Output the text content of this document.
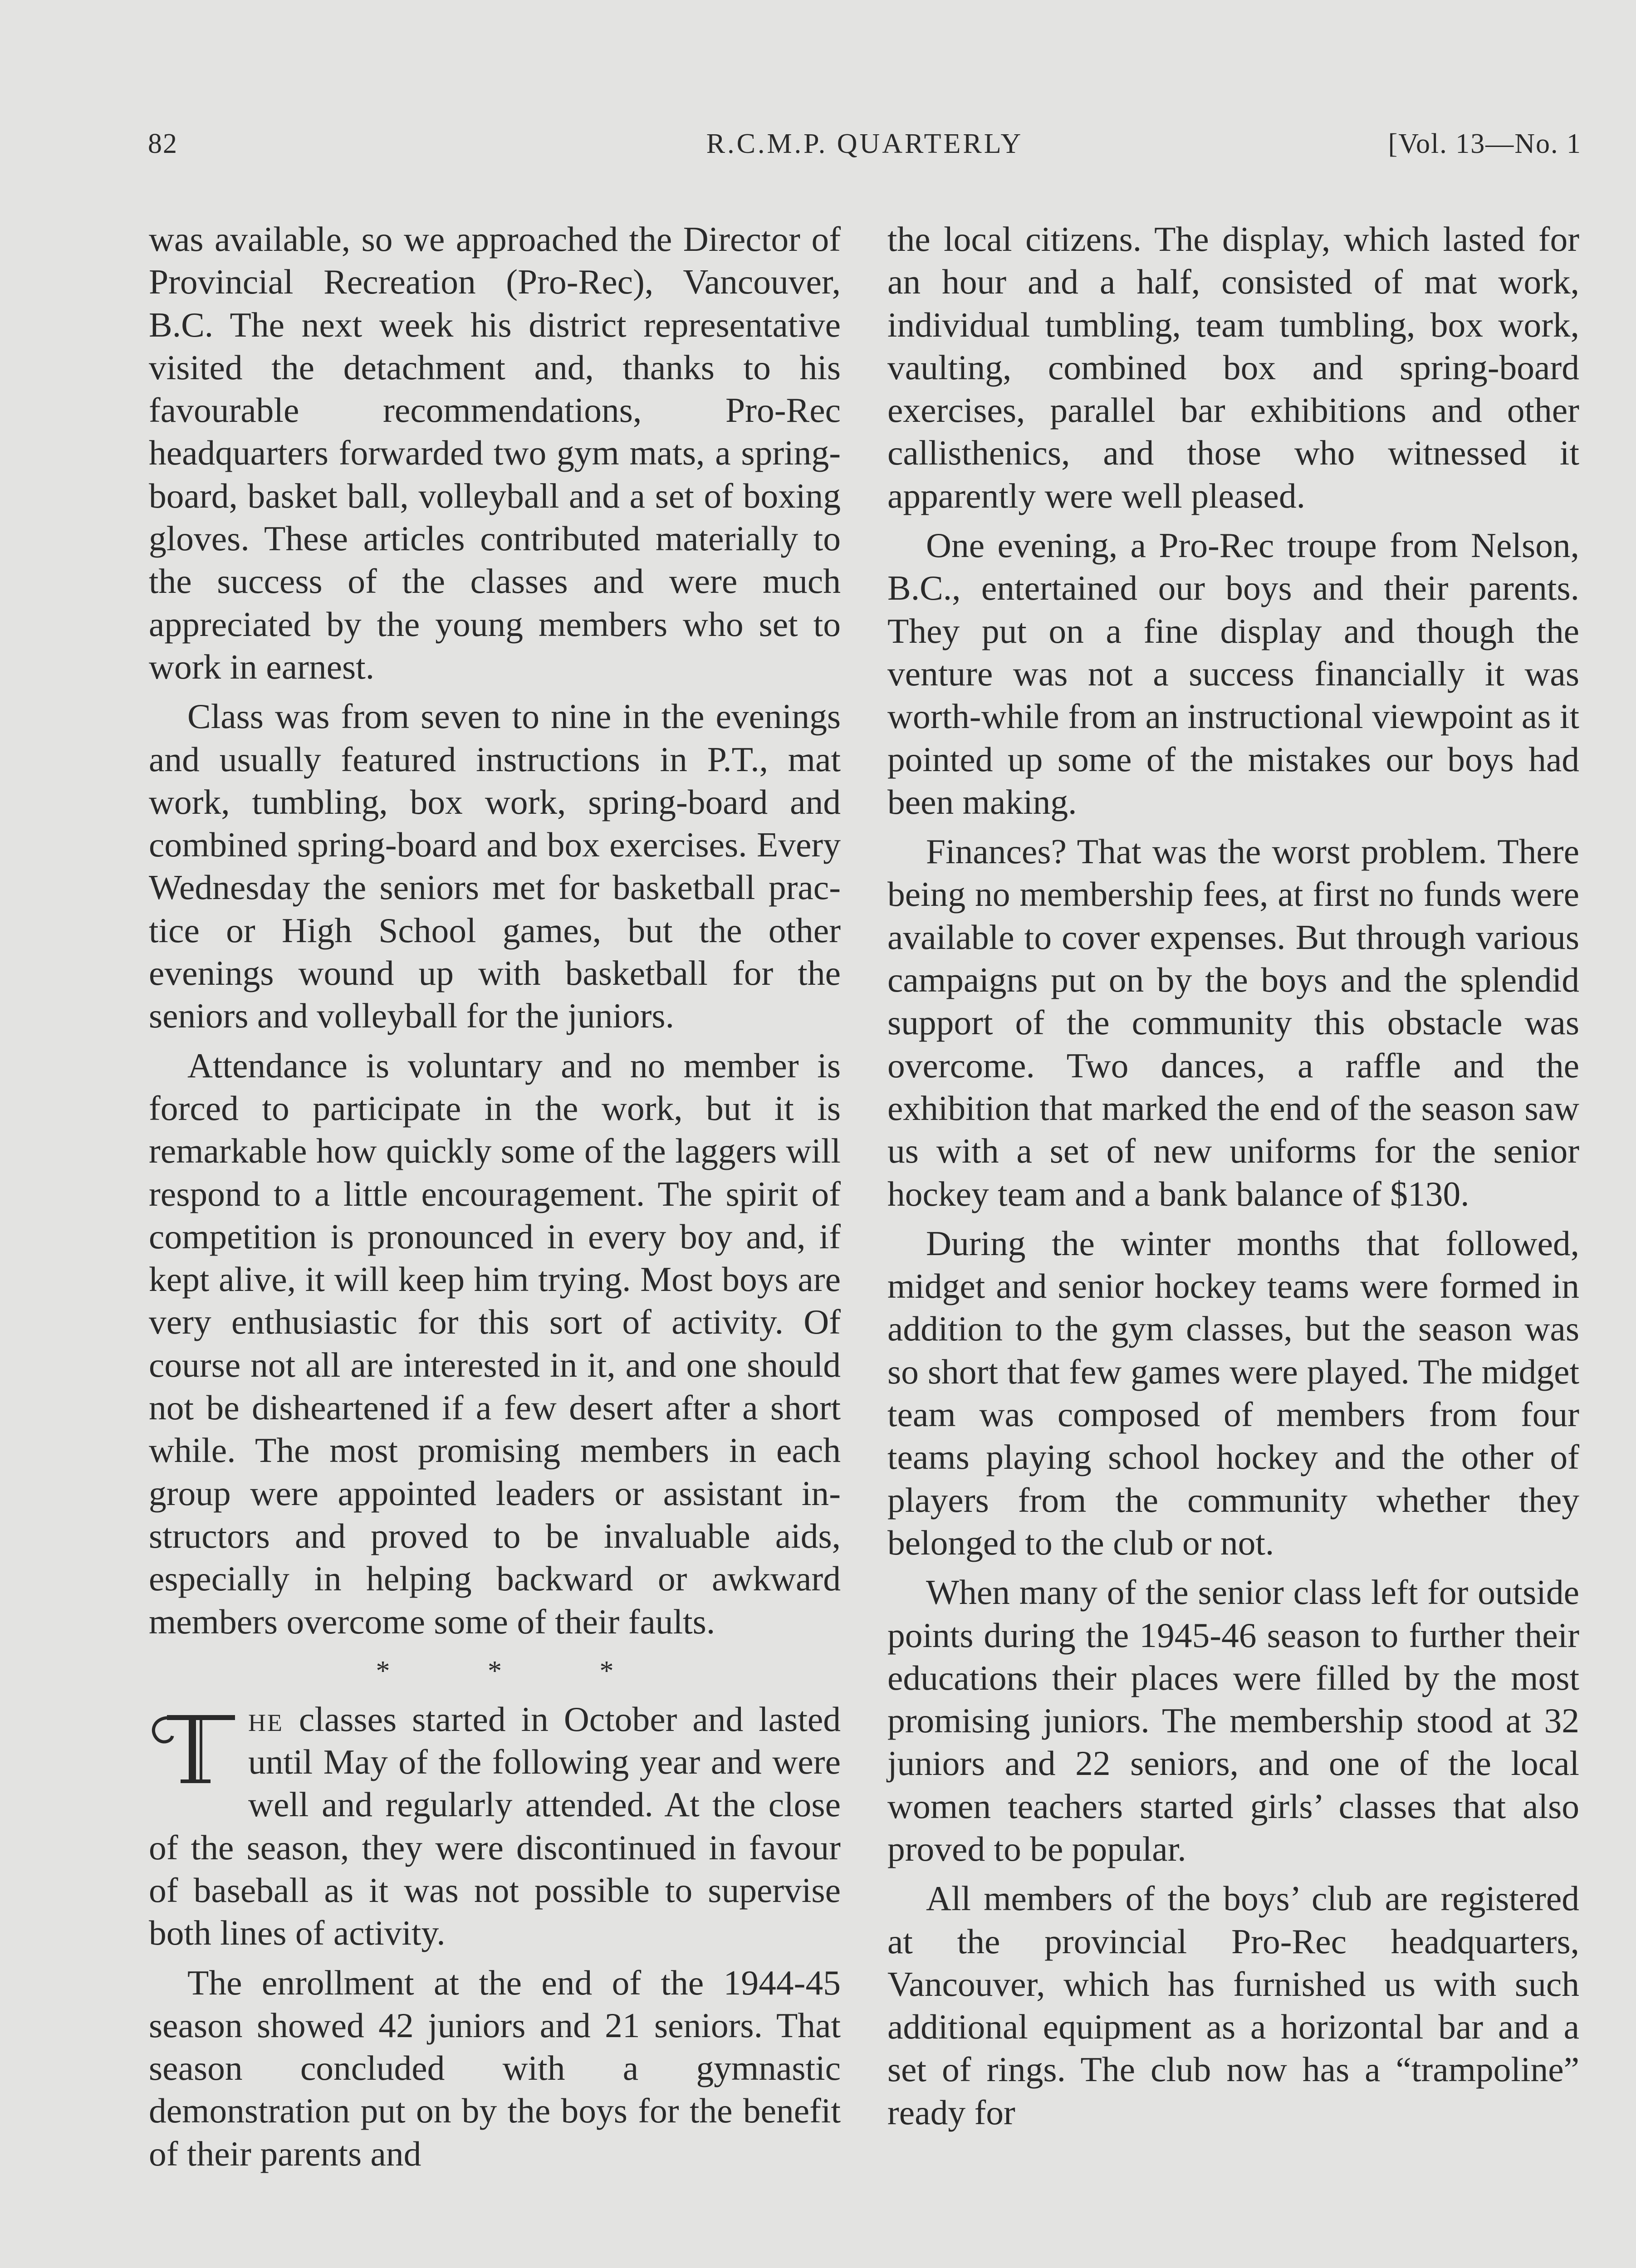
82	R.C.M.P. QUARTERLY	[Vol. 13—No. 1

was available, so we approached the Director of Provincial Recreation (Pro-Rec), Vancouver, B.C. The next week his district representative visited the detachment and, thanks to his favourable recommendations, Pro-Rec headquarters forwarded two gym mats, a spring-board, basket ball, volleyball and a set of boxing gloves. These articles contributed materially to the success of the classes and were much appreciated by the young members who set to work in earnest.

Class was from seven to nine in the evenings and usually featured instructions in P.T., mat work, tumbling, box work, spring-board and combined spring-board and box exercises. Every Wednesday the seniors met for basketball practice or High School games, but the other evenings wound up with basketball for the seniors and volleyball for the juniors.

Attendance is voluntary and no member is forced to participate in the work, but it is remarkable how quickly some of the laggers will respond to a little encouragement. The spirit of competition is pronounced in every boy and, if kept alive, it will keep him trying. Most boys are very enthusiastic for this sort of activity. Of course not all are interested in it, and one should not be disheartened if a few desert after a short while. The most promising members in each group were appointed leaders or assistant instructors and proved to be invaluable aids, especially in helping backward or awkward members overcome some of their faults.

* * *

he classes started in October and lasted until May of the following year and were well and regularly attended. At the close of the season, they were discontinued in favour of baseball as it was not possible to supervise both lines of activity.

The enrollment at the end of the 1944-45 season showed 42 juniors and 21 seniors. That season concluded with a gymnastic demonstration put on by the boys for the benefit of their parents and

the local citizens. The display, which lasted for an hour and a half, consisted of mat work, individual tumbling, team tumbling, box work, vaulting, combined box and spring-board exercises, parallel bar exhibitions and other callisthenics, and those who witnessed it apparently were well pleased.

One evening, a Pro-Rec troupe from Nelson, B.C., entertained our boys and their parents. They put on a fine display and though the venture was not a success financially it was worth-while from an instructional viewpoint as it pointed up some of the mistakes our boys had been making.

Finances? That was the worst problem. There being no membership fees, at first no funds were available to cover expenses. But through various campaigns put on by the boys and the splendid support of the community this obstacle was overcome. Two dances, a raffle and the exhibition that marked the end of the season saw us with a set of new uniforms for the senior hockey team and a bank balance of $130.

During the winter months that followed, midget and senior hockey teams were formed in addition to the gym classes, but the season was so short that few games were played. The midget team was composed of members from four teams playing school hockey and the other of players from the community whether they belonged to the club or not.

When many of the senior class left for outside points during the 1945-46 season to further their educations their places were filled by the most promising juniors. The membership stood at 32 juniors and 22 seniors, and one of the local women teachers started girls’ classes that also proved to be popular.

All members of the boys’ club are registered at the provincial Pro-Rec headquarters, Vancouver, which has furnished us with such additional equipment as a horizontal bar and a set of rings. The club now has a “trampoline” ready for
